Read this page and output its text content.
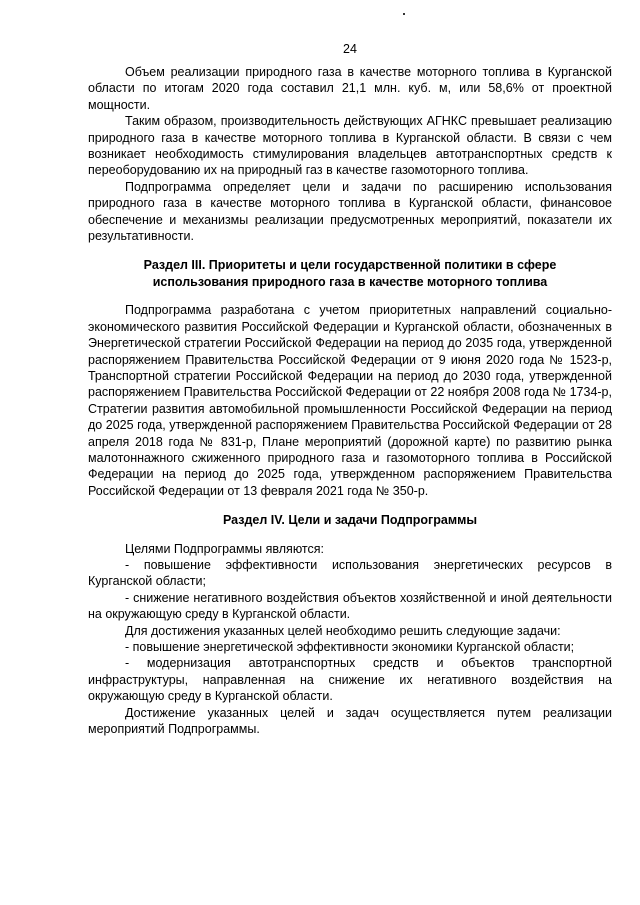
24

Объем реализации природного газа в качестве моторного топлива в Курганской области по итогам 2020 года составил 21,1 млн. куб. м, или 58,6% от проектной мощности.

Таким образом, производительность действующих АГНКС превышает реализацию природного газа в качестве моторного топлива в Курганской области. В связи с чем возникает необходимость стимулирования владельцев автотранспортных средств к переоборудованию их на природный газ в качестве газомоторного топлива.

Подпрограмма определяет цели и задачи по расширению использования природного газа в качестве моторного топлива в Курганской области, финансовое обеспечение и механизмы реализации предусмотренных мероприятий, показатели их результативности.

Раздел III. Приоритеты и цели государственной политики в сфере
использования природного газа в качестве моторного топлива

Подпрограмма разработана с учетом приоритетных направлений социально-экономического развития Российской Федерации и Курганской области, обозначенных в Энергетической стратегии Российской Федерации на период до 2035 года, утвержденной распоряжением Правительства Российской Федерации от 9 июня 2020 года № 1523-р, Транспортной стратегии Российской Федерации на период до 2030 года, утвержденной распоряжением Правительства Российской Федерации от 22 ноября 2008 года № 1734-р, Стратегии развития автомобильной промышленности Российской Федерации на период до 2025 года, утвержденной распоряжением Правительства Российской Федерации от 28 апреля 2018 года № 831-р, Плане мероприятий (дорожной карте) по развитию рынка малотоннажного сжиженного природного газа и газомоторного топлива в Российской Федерации на период до 2025 года, утвержденном распоряжением Правительства Российской Федерации от 13 февраля 2021 года № 350-р.

Раздел IV. Цели и задачи Подпрограммы

Целями Подпрограммы являются:

- повышение эффективности использования энергетических ресурсов в Курганской области;

- снижение негативного воздействия объектов хозяйственной и иной деятельности на окружающую среду в Курганской области.

Для достижения указанных целей необходимо решить следующие задачи:

- повышение энергетической эффективности экономики Курганской области;

- модернизация автотранспортных средств и объектов транспортной инфраструктуры, направленная на снижение их негативного воздействия на окружающую среду в Курганской области.

Достижение указанных целей и задач осуществляется путем реализации мероприятий Подпрограммы.
